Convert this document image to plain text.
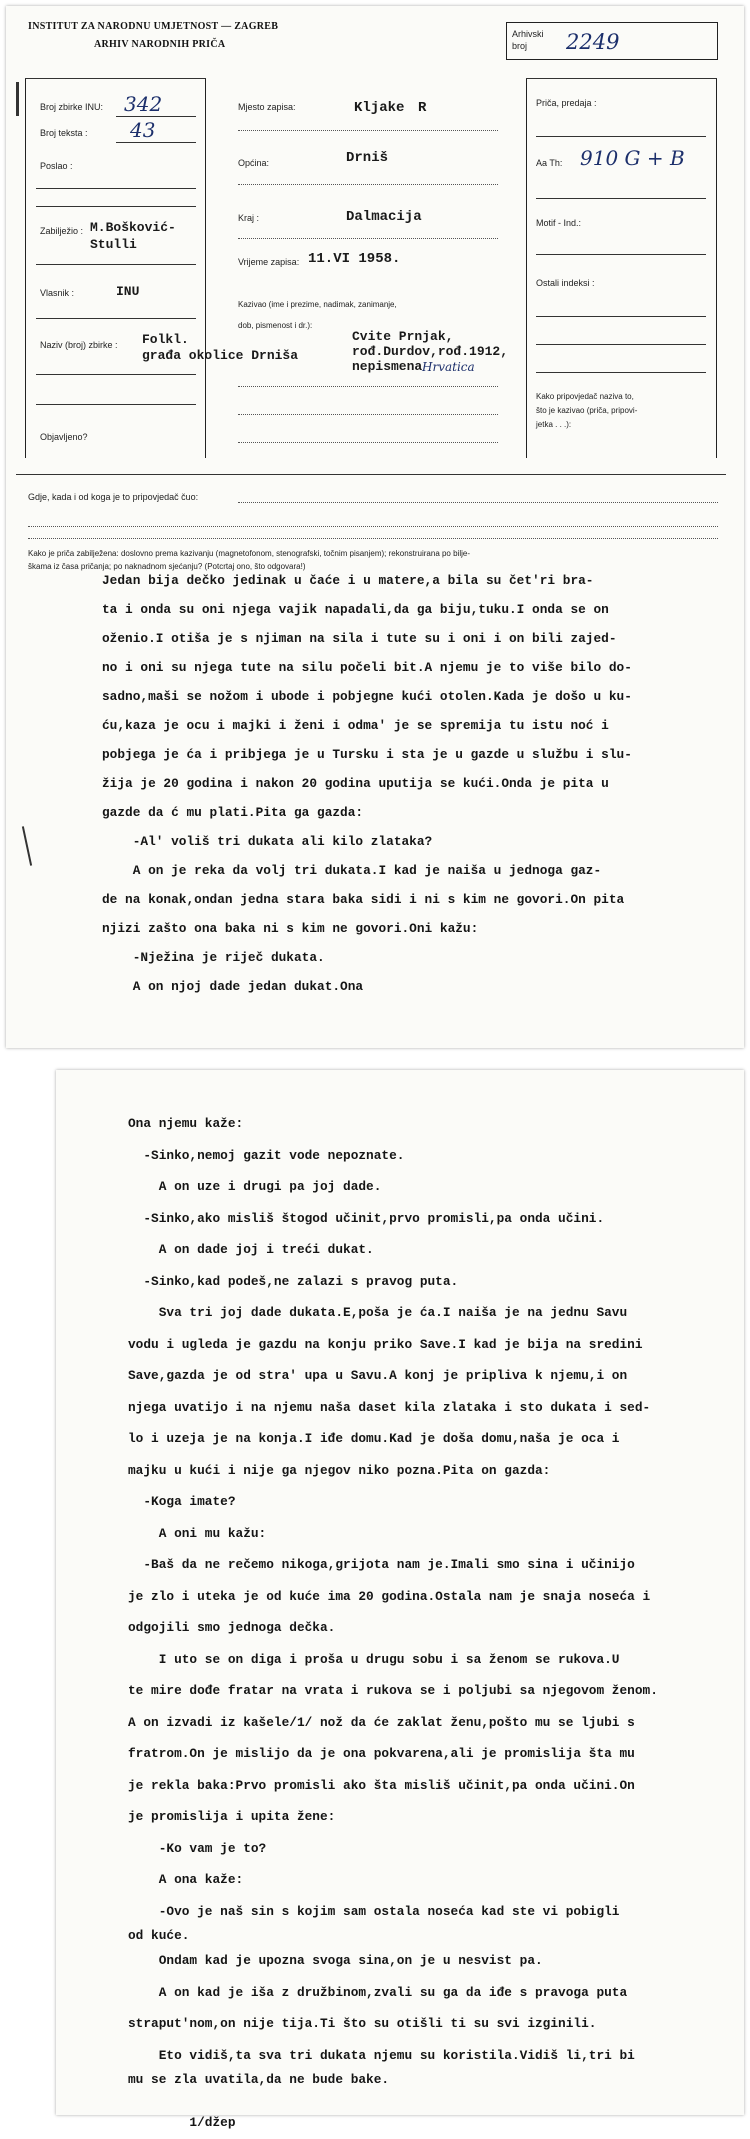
INSTITUT ZA NARODNU UMJETNOST — ZAGREB
ARHIV NARODNIH PRIČA
Arhivski
broj	2249
Broj zbirke INU: 342
Broj teksta : 43
Poslao :
Zabilježio : M.Bošković-
Stulli
Vlasnik :	INU
Naziv (broj) zbirke : Folkl.
građa okolice Drniša
Objavljeno?
Mjesto zapisa:	Kljake R
Općina:	Drniš
Kraj :	Dalmacija
Vrijeme zapisa: 11.VI 1958.
Kazivao (ime i prezime, nadimak, zanimanje,
dob, pismenost i dr.):
Cvite Prnjak,
rođ.Durdov,rođ.1912,
nepismena Hrvatica
Priča, predaja :
Aa Th: 910 G + B
Motif - Ind.:
Ostali indeksi :
Kako pripovjedač naziva to,
što je kazivao (priča, pripovi-
jetka . . .):
Gdje, kada i od koga je to pripovjedač čuo:
Kako je priča zabilježena: doslovno prema kazivanju (magnetofonom, stenografski, točnim pisanjem); rekonstruirana po bilje-
škama iz časa pričanja; po naknadnom sjećanju? (Potcrtaj ono, što odgovara!)
Jedan bija dečko jedinak u čaće i u matere,a bila su čet'ri bra-
ta i onda su oni njega vajik napadali,da ga biju,tuku.I onda se on
oženio.I otišа je s njiman na sila i tute su i oni i on bili zajed-
no i oni su njega tute na silu počeli bit.A njemu je to više bilo do-
sadno,maši se nožom i ubode i pobjegne kući otolen.Kada je došo u ku-
ću,kaza je ocu i majki i ženi i odma' je se spremija tu istu noć i
pobjega je ća i pribjega je u Tursku i sta je u gazde u službu i slu-
žija je 20 godina i nakon 20 godina uputija se kući.Onda je pita u
gazde da ć mu plati.Pita ga gazda:
-Al' voliš tri dukata ali kilo zlataka?
A on je reka da volj tri dukata.I kad je naiša u jednoga gaz-
de na konak,ondan jedna stara baka sidi i ni s kim ne govori.On pita
njizi zašto ona baka ni s kim ne govori.Oni kažu:
-Nježina je riječ dukata.
A on njoj dade jedan dukat.Ona
Ona njemu kaže:
-Sinko,nemoj gazit vode nepoznate.
A on uze i drugi pa joj dade.
-Sinko,ako misliš štogod učinit,prvo promisli,pa onda učini.
A on dade joj i treći dukat.
-Sinko,kad podeš,ne zalazi s pravog puta.
Sva tri joj dade dukata.E,poša je ća.I naiša je na jednu Savu
vodu i ugleda je gazdu na konju priko Save.I kad je bija na sredini
Save,gazda je od stra' upa u Savu.A konj je priplіva k njemu,i on
njega uvatijo i na njemu naša daset kila zlataka i sto dukata i sed-
lo i uzeja je na konja.I iđe domu.Kad je doša domu,naša je oca i
majku u kući i nije ga njegov niko pozna.Pita on gazda:
-Koga imate?
A oni mu kažu:
-Baš da ne rečemo nikoga,grijota nam je.Imali smo sina i učinijo
je zlo i uteka je od kuće ima 20 godina.Ostala nam je snaja noseća i
odgojili smo jednoga dečka.
I uto se on diga i proša u drugu sobu i sa ženom se rukova.U
te mire dođe fratar na vrata i rukova se i poljubi sa njegovom ženom.
A on izvadi iz kašele/1/ nož da će zaklat ženu,pošto mu se ljubi s
fratrom.On je mislijo da je ona pokvarena,ali je promislija šta mu
je rekla baka:Prvo promisli ako šta misliš učinit,pa onda učini.On
je promislija i upita žene:
-Ko vam je to?
A ona kaže:
-Ovo je naš sin s kojim sam ostala noseća kad ste vi pobigli
od kuće.
Ondam kad je upozna svoga sina,on je u nesvist pa.
A on kad je iša z družbinom,zvali su ga da iđe s pravoga puta
straput'nom,on nije tija.Ti što su otišli ti su svi izginili.
Eto vidiš,ta sva tri dukata njemu su koristila.Vidiš li,tri bi
mu se zla uvatila,da ne bude bake.
1/džep
